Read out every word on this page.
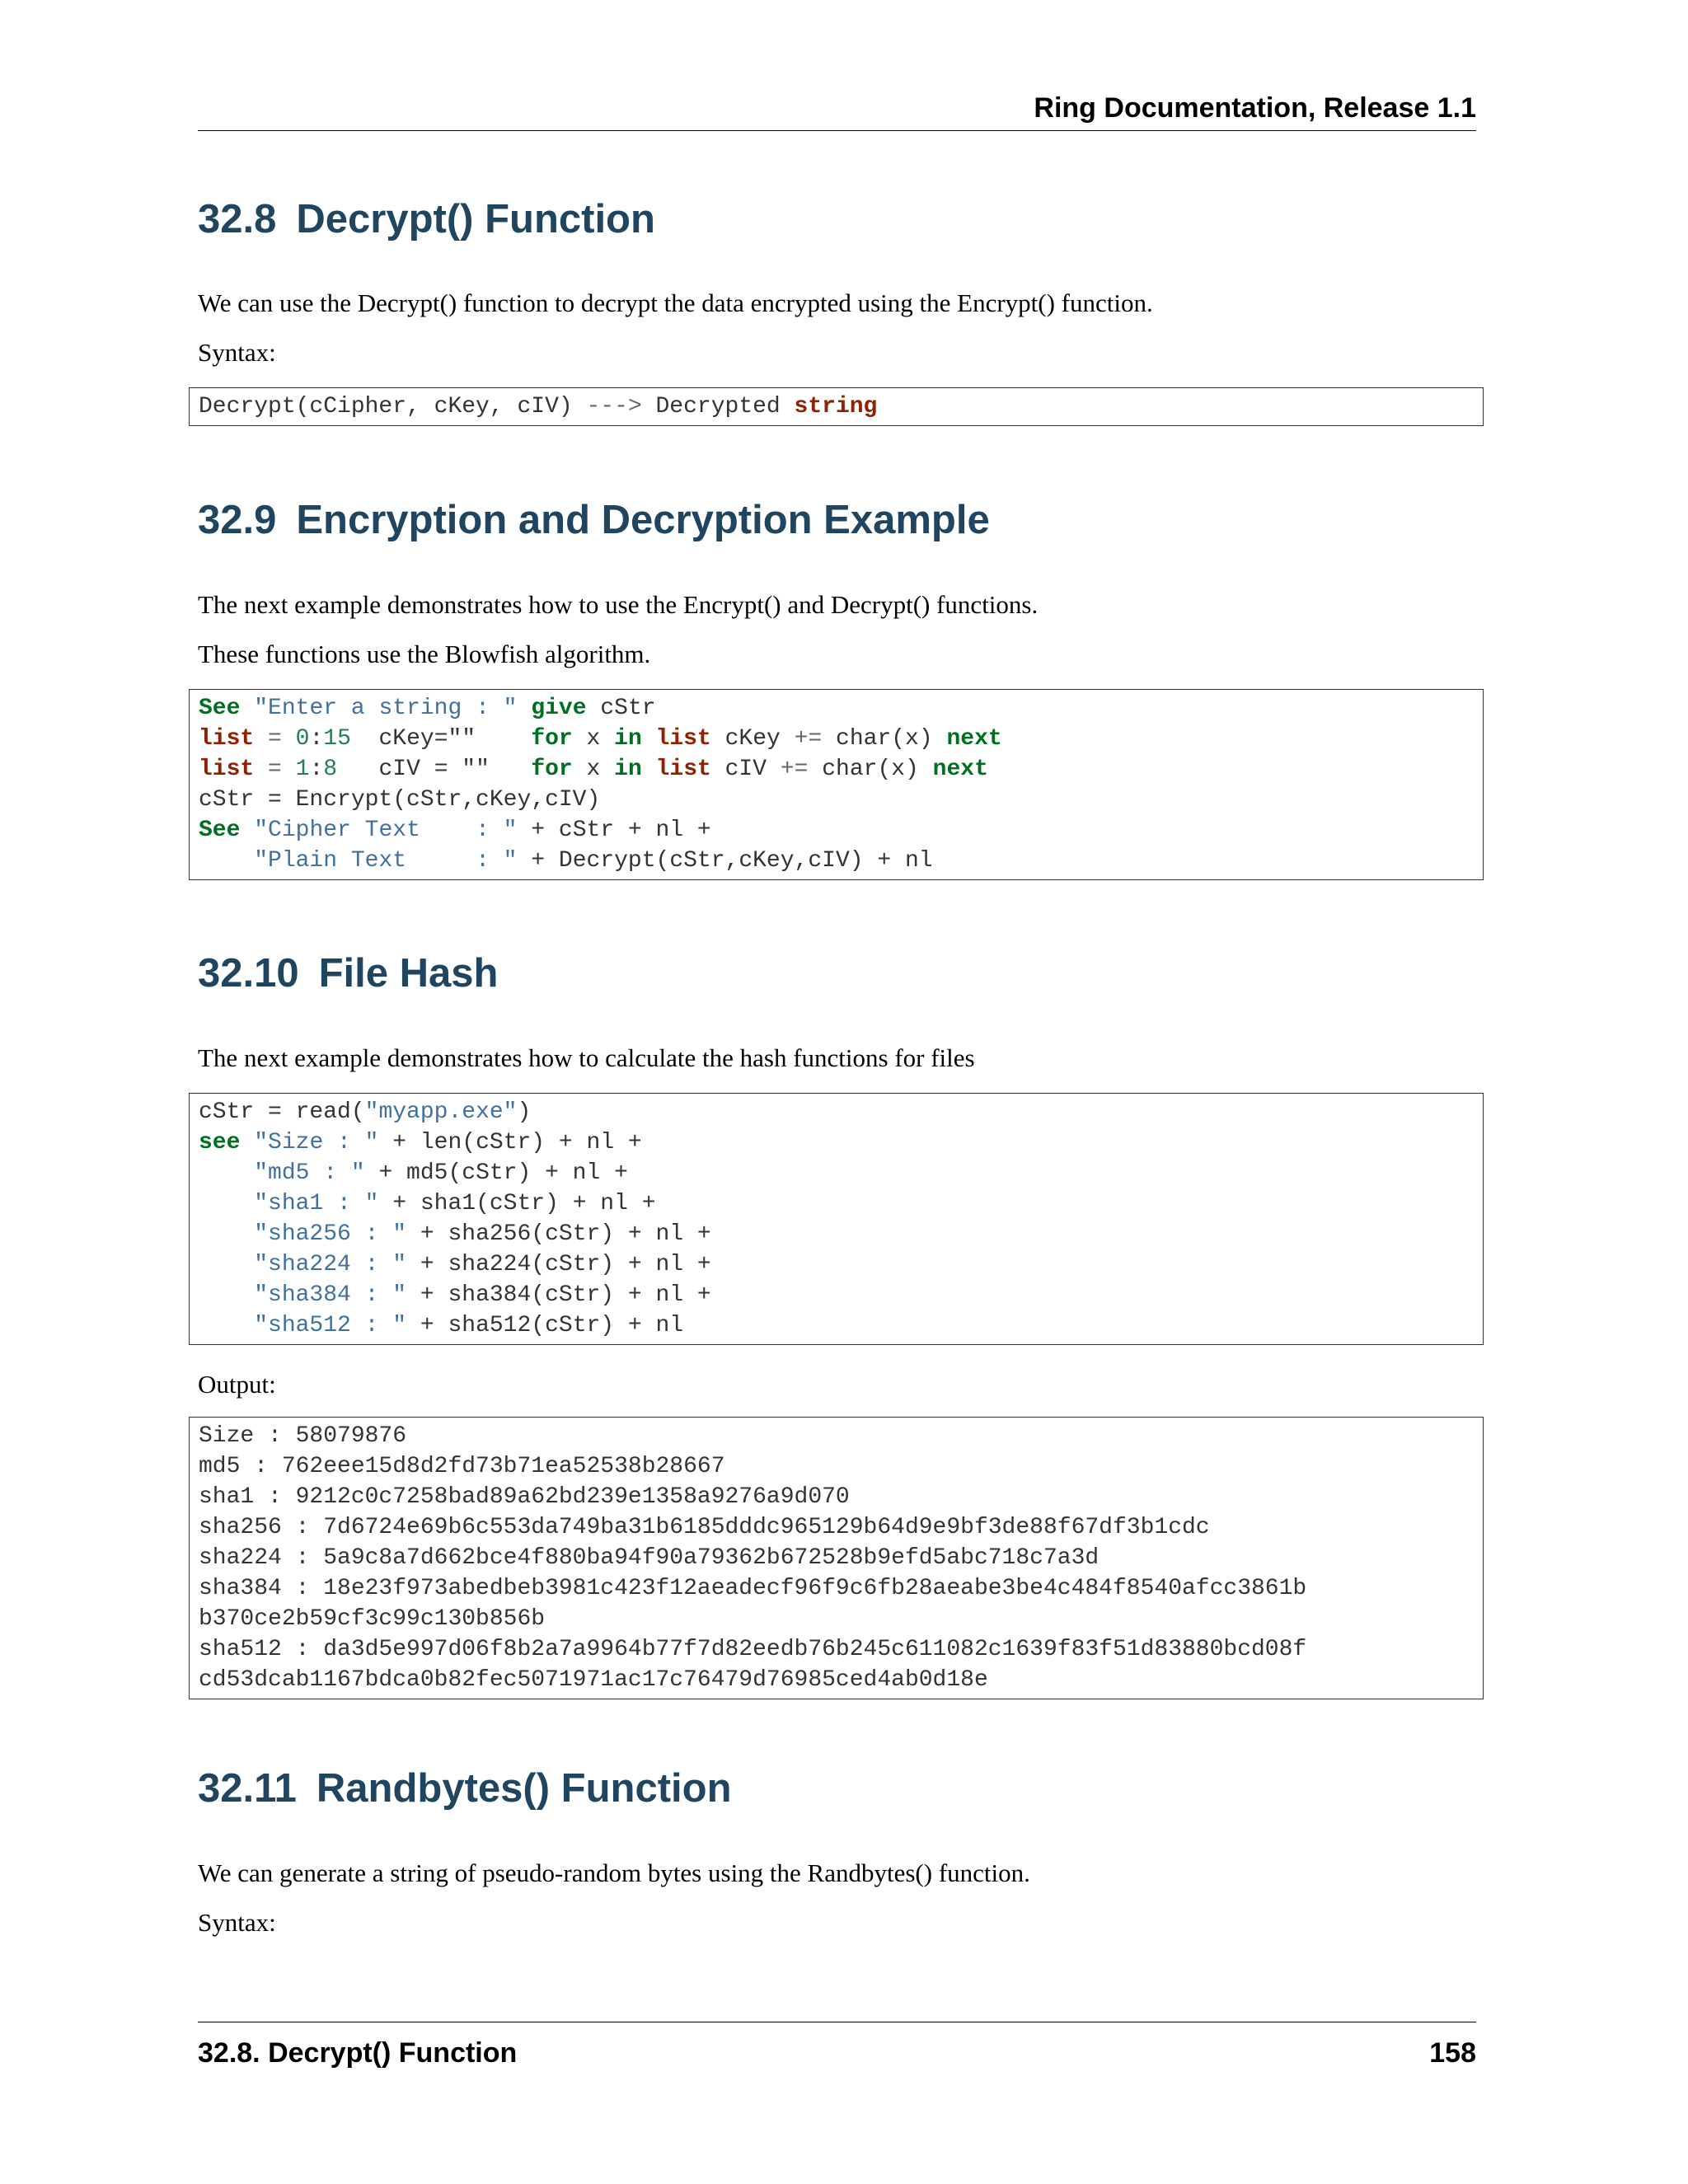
Ring Documentation, Release 1.1
32.8 Decrypt() Function

We can use the Decrypt() function to decrypt the data encrypted using the Encrypt() function.

Syntax:

Decrypt(cCipher, cKey, cIV) ---> Decrypted string
32.9 Encryption and Decryption Example

The next example demonstrates how to use the Encrypt() and Decrypt() functions.

These functions use the Blowfish algorithm.

See "Enter a string : " give cStr
list = 0:15  cKey=""    for x in list cKey += char(x) next
list = 1:8   cIV = ""   for x in list cIV += char(x) next
cStr = Encrypt(cStr,cKey,cIV)
See "Cipher Text    : " + cStr + nl +
"Plain Text     : " + Decrypt(cStr,cKey,cIV) + nl
32.10 File Hash

The next example demonstrates how to calculate the hash functions for files

cStr = read("myapp.exe")
see "Size : " + len(cStr) + nl +
"md5 : " + md5(cStr) + nl +
"sha1 : " + sha1(cStr) + nl +
"sha256 : " + sha256(cStr) + nl +
"sha224 : " + sha224(cStr) + nl +
"sha384 : " + sha384(cStr) + nl +
"sha512 : " + sha512(cStr) + nl

Output:

Size : 58079876
md5 : 762eee15d8d2fd73b71ea52538b28667
sha1 : 9212c0c7258bad89a62bd239e1358a9276a9d070
sha256 : 7d6724e69b6c553da749ba31b6185dddc965129b64d9e9bf3de88f67df3b1cdc
sha224 : 5a9c8a7d662bce4f880ba94f90a79362b672528b9efd5abc718c7a3d
sha384 : 18e23f973abedbeb3981c423f12aeadecf96f9c6fb28aeabe3be4c484f8540afcc3861b
b370ce2b59cf3c99c130b856b
sha512 : da3d5e997d06f8b2a7a9964b77f7d82eedb76b245c611082c1639f83f51d83880bcd08f
cd53dcab1167bdca0b82fec5071971ac17c76479d76985ced4ab0d18e
32.11 Randbytes() Function

We can generate a string of pseudo-random bytes using the Randbytes() function.

Syntax:

32.8. Decrypt() Function	158
